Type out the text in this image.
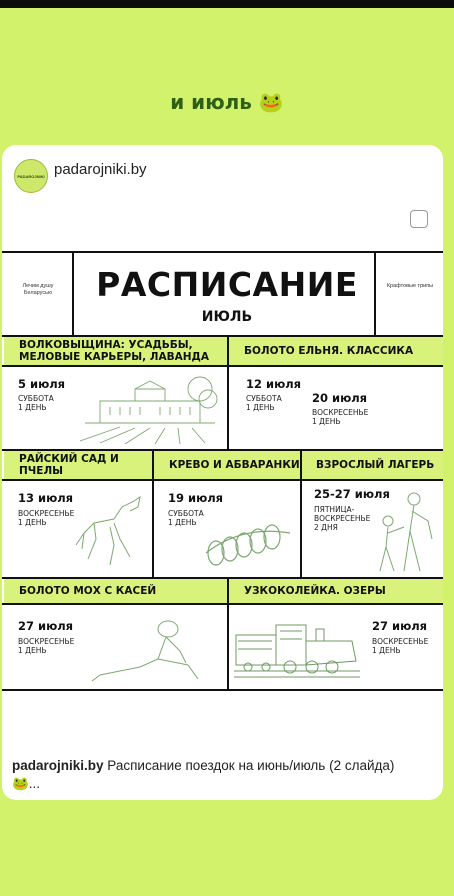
и июль 🐸
PADAROJNIKI padarojniki.by
Лечим душу Беларусью
Крафтовые трипы
РАСПИСАНИЕ
ИЮЛЬ
ВОЛКОВЫЩИНА: УСАДЬБЫ, МЕЛОВЫЕ КАРЬЕРЫ, ЛАВАНДА	БОЛОТО ЕЛЬНЯ. КЛАССИКА
5 июля
СУББОТА
1 ДЕНЬ
12 июля
СУББОТА
1 ДЕНЬ
20 июля
ВОСКРЕСЕНЬЕ
1 ДЕНЬ
РАЙСКИЙ САД И ПЧЕЛЫ	КРЕВО И АБВАРАНКИ	ВЗРОСЛЫЙ ЛАГЕРЬ
13 июля
ВОСКРЕСЕНЬЕ
1 ДЕНЬ
19 июля
СУББОТА
1 ДЕНЬ
25-27 июля
ПЯТНИЦА-ВОСКРЕСЕНЬЕ
2 ДНЯ
БОЛОТО МОХ С КАСЕЙ	УЗКОКОЛЕЙКА. ОЗЕРЫ
27 июля
ВОСКРЕСЕНЬЕ
1 ДЕНЬ
27 июля
ВОСКРЕСЕНЬЕ
1 ДЕНЬ
padarojniki.by Расписание поездок на июнь/июль (2 слайда)
🐸...
